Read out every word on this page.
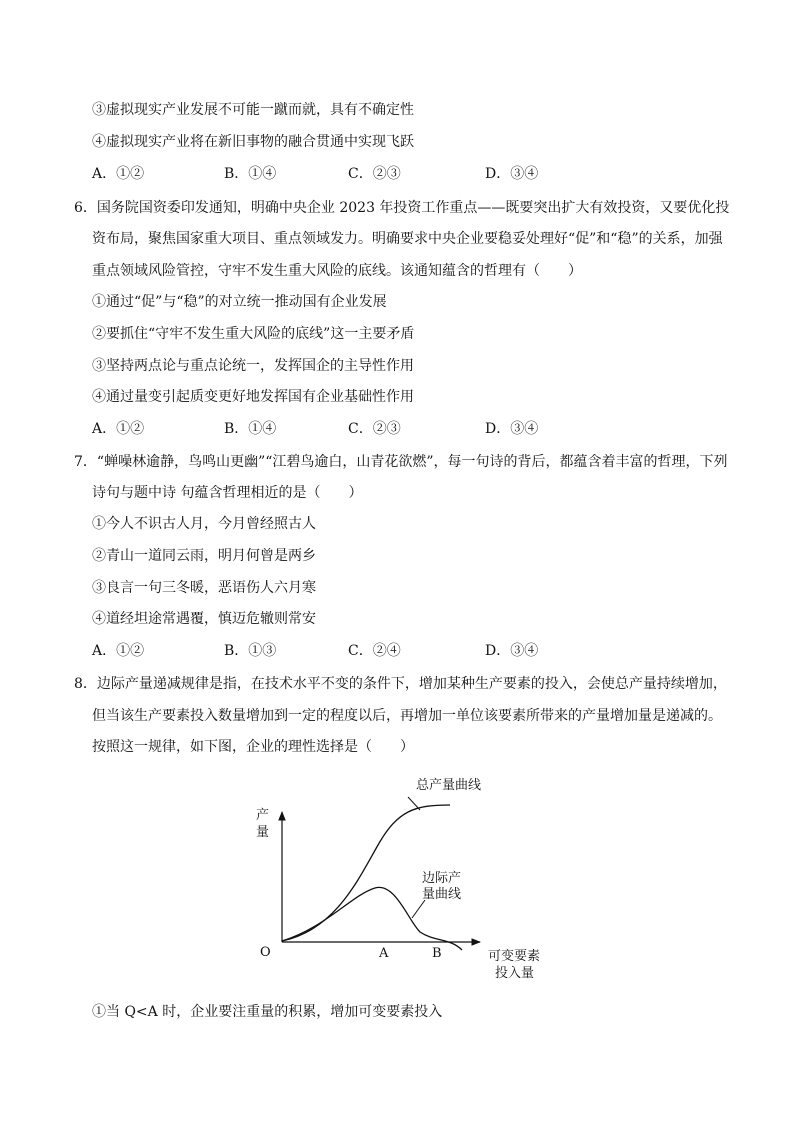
③虚拟现实产业发展不可能一蹴而就，具有不确定性
④虚拟现实产业将在新旧事物的融合贯通中实现飞跃
A．①②	B．①④	C．②③	D．③④
6．国务院国资委印发通知，明确中央企业 2023 年投资工作重点——既要突出扩大有效投资，又要优化投
资布局，聚焦国家重大项目、重点领域发力。明确要求中央企业要稳妥处理好“促”和“稳”的关系，加强
重点领域风险管控，守牢不发生重大风险的底线。该通知蕴含的哲理有（　　）
①通过“促”与“稳”的对立统一推动国有企业发展
②要抓住“守牢不发生重大风险的底线”这一主要矛盾
③坚持两点论与重点论统一，发挥国企的主导性作用
④通过量变引起质变更好地发挥国有企业基础性作用
A．①②	B．①④	C．②③	D．③④
7．“蝉噪林逾静，鸟鸣山更幽”“江碧鸟逾白，山青花欲燃”，每一句诗的背后，都蕴含着丰富的哲理，下列
诗句与题中诗 句蕴含哲理相近的是（　　）
①今人不识古人月，今月曾经照古人
②青山一道同云雨，明月何曾是两乡
③良言一句三冬暖，恶语伤人六月寒
④道经坦途常遇覆，慎迈危辙则常安
A．①②	B．①③	C．②④	D．③④
8．边际产量递减规律是指，在技术水平不变的条件下，增加某种生产要素的投入，会使总产量持续增加，
但当该生产要素投入数量增加到一定的程度以后，再增加一单位该要素所带来的产量增加量是递减的。
按照这一规律，如下图，企业的理性选择是（　　）
总产量曲线
产
量
边际产
量曲线
O	A	B	可变要素
投入量
①当 Q<A 时，企业要注重量的积累，增加可变要素投入
